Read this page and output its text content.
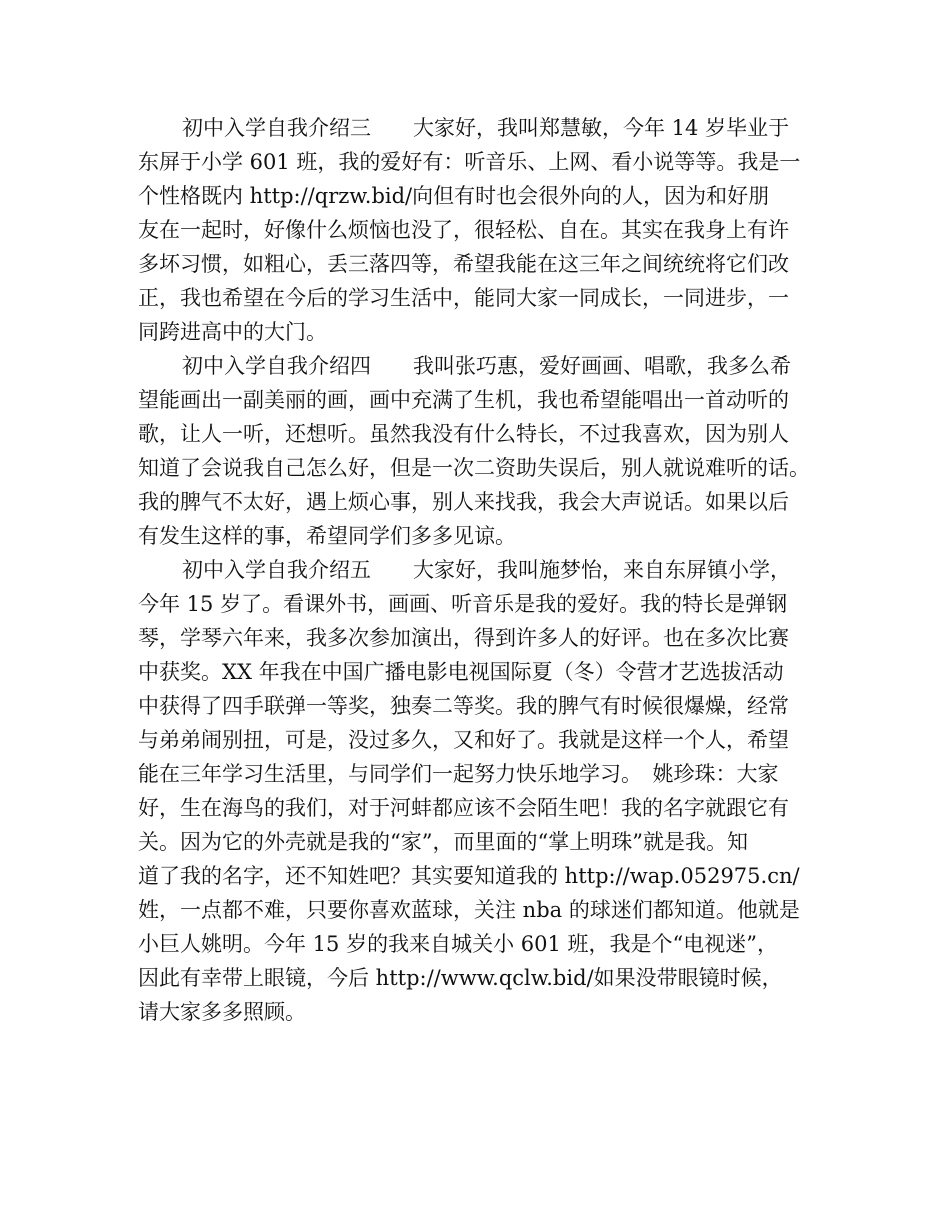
初中入学自我介绍三　　大家好，我叫郑慧敏，今年 14 岁毕业于
东屏于小学 601 班，我的爱好有：听音乐、上网、看小说等等。我是一
个性格既内 http://qrzw.bid/向但有时也会很外向的人，因为和好朋
友在一起时，好像什么烦恼也没了，很轻松、自在。其实在我身上有许
多坏习惯，如粗心，丢三落四等，希望我能在这三年之间统统将它们改
正，我也希望在今后的学习生活中，能同大家一同成长，一同进步，一
同跨进高中的大门。
初中入学自我介绍四　　我叫张巧惠，爱好画画、唱歌，我多么希
望能画出一副美丽的画，画中充满了生机，我也希望能唱出一首动听的
歌，让人一听，还想听。虽然我没有什么特长，不过我喜欢，因为别人
知道了会说我自己怎么好，但是一次二资助失误后，别人就说难听的话。
我的脾气不太好，遇上烦心事，别人来找我，我会大声说话。如果以后
有发生这样的事，希望同学们多多见谅。
初中入学自我介绍五　　大家好，我叫施梦怡，来自东屏镇小学，
今年 15 岁了。看课外书，画画、听音乐是我的爱好。我的特长是弹钢
琴，学琴六年来，我多次参加演出，得到许多人的好评。也在多次比赛
中获奖。XX 年我在中国广播电影电视国际夏（冬）令营才艺选拔活动
中获得了四手联弹一等奖，独奏二等奖。我的脾气有时候很爆燥，经常
与弟弟闹别扭，可是，没过多久，又和好了。我就是这样一个人，希望
能在三年学习生活里，与同学们一起努力快乐地学习。　姚珍珠：大家
好，生在海鸟的我们，对于河蚌都应该不会陌生吧！我的名字就跟它有
关。因为它的外壳就是我的“家”，而里面的“掌上明珠”就是我。知
道了我的名字，还不知姓吧？其实要知道我的 http://wap.052975.cn/
姓，一点都不难，只要你喜欢蓝球，关注 nba 的球迷们都知道。他就是
小巨人姚明。今年 15 岁的我来自城关小 601 班，我是个“电视迷”，
因此有幸带上眼镜，今后 http://www.qclw.bid/如果没带眼镜时候，
请大家多多照顾。
